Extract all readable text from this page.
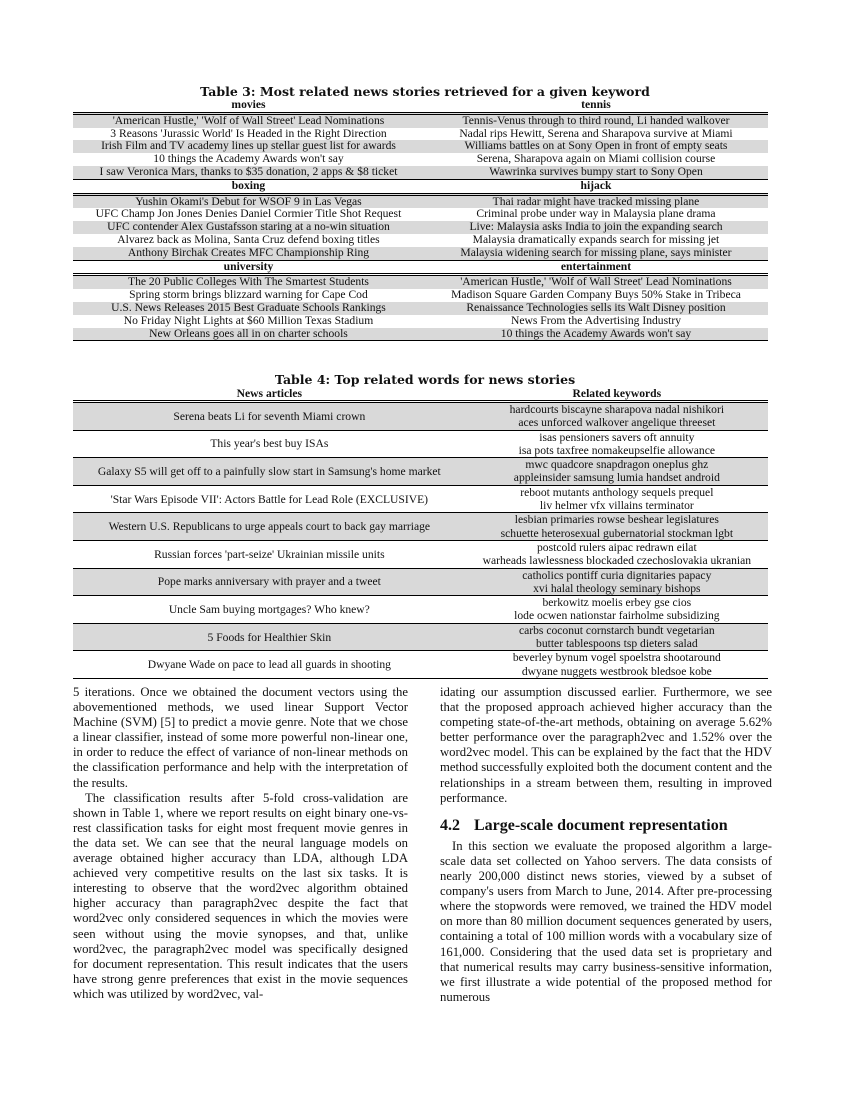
Table 3: Most related news stories retrieved for a given keyword
movies	tennis
'American Hustle,' 'Wolf of Wall Street' Lead Nominations	Tennis-Venus through to third round, Li handed walkover
3 Reasons 'Jurassic World' Is Headed in the Right Direction	Nadal rips Hewitt, Serena and Sharapova survive at Miami
Irish Film and TV academy lines up stellar guest list for awards	Williams battles on at Sony Open in front of empty seats
10 things the Academy Awards won't say	Serena, Sharapova again on Miami collision course
I saw Veronica Mars, thanks to $35 donation, 2 apps & $8 ticket	Wawrinka survives bumpy start to Sony Open
boxing	hijack
Yushin Okami's Debut for WSOF 9 in Las Vegas	Thai radar might have tracked missing plane
UFC Champ Jon Jones Denies Daniel Cormier Title Shot Request	Criminal probe under way in Malaysia plane drama
UFC contender Alex Gustafsson staring at a no-win situation	Live: Malaysia asks India to join the expanding search
Alvarez back as Molina, Santa Cruz defend boxing titles	Malaysia dramatically expands search for missing jet
Anthony Birchak Creates MFC Championship Ring	Malaysia widening search for missing plane, says minister
university	entertainment
The 20 Public Colleges With The Smartest Students	'American Hustle,' 'Wolf of Wall Street' Lead Nominations
Spring storm brings blizzard warning for Cape Cod	Madison Square Garden Company Buys 50% Stake in Tribeca
U.S. News Releases 2015 Best Graduate Schools Rankings	Renaissance Technologies sells its Walt Disney position
No Friday Night Lights at $60 Million Texas Stadium	News From the Advertising Industry
New Orleans goes all in on charter schools	10 things the Academy Awards won't say
Table 4: Top related words for news stories
News articles	Related keywords
Serena beats Li for seventh Miami crown	hardcourts biscayne sharapova nadal nishikori
aces unforced walkover angelique threeset

This year's best buy ISAs	isas pensioners savers oft annuity
isa pots taxfree nomakeupselfie allowance

Galaxy S5 will get off to a painfully slow start in Samsung's home market	mwc quadcore snapdragon oneplus ghz
appleinsider samsung lumia handset android

'Star Wars Episode VII': Actors Battle for Lead Role (EXCLUSIVE)	reboot mutants anthology sequels prequel
liv helmer vfx villains terminator

Western U.S. Republicans to urge appeals court to back gay marriage	lesbian primaries rowse beshear legislatures
schuette heterosexual gubernatorial stockman lgbt

Russian forces 'part-seize' Ukrainian missile units	postcold rulers aipac redrawn eilat
warheads lawlessness blockaded czechoslovakia ukranian

Pope marks anniversary with prayer and a tweet	catholics pontiff curia dignitaries papacy
xvi halal theology seminary bishops

Uncle Sam buying mortgages? Who knew?	berkowitz moelis erbey gse cios
lode ocwen nationstar fairholme subsidizing

5 Foods for Healthier Skin	carbs coconut cornstarch bundt vegetarian
butter tablespoons tsp dieters salad

Dwyane Wade on pace to lead all guards in shooting	beverley bynum vogel spoelstra shootaround
dwyane nuggets westbrook bledsoe kobe

5 iterations. Once we obtained the document vectors using the abovementioned methods, we used linear Support Vector Machine (SVM) [5] to predict a movie genre. Note that we chose a linear classifier, instead of some more powerful non-linear one, in order to reduce the effect of variance of non-linear methods on the classification performance and help with the interpretation of the results.

The classification results after 5-fold cross-validation are shown in Table 1, where we report results on eight binary one-vs-rest classification tasks for eight most frequent movie genres in the data set. We can see that the neural language models on average obtained higher accuracy than LDA, although LDA achieved very competitive results on the last six tasks. It is interesting to observe that the word2vec algorithm obtained higher accuracy than paragraph2vec despite the fact that word2vec only considered sequences in which the movies were seen without using the movie synopses, and that, unlike word2vec, the paragraph2vec model was specifically designed for document representation. This result indicates that the users have strong genre preferences that exist in the movie sequences which was utilized by word2vec, val-

idating our assumption discussed earlier. Furthermore, we see that the proposed approach achieved higher accuracy than the competing state-of-the-art methods, obtaining on average 5.62% better performance over the paragraph2vec and 1.52% over the word2vec model. This can be explained by the fact that the HDV method successfully exploited both the document content and the relationships in a stream between them, resulting in improved performance.

4.2 Large-scale document representation

In this section we evaluate the proposed algorithm a large-scale data set collected on Yahoo servers. The data consists of nearly 200,000 distinct news stories, viewed by a subset of company's users from March to June, 2014. After pre-processing where the stopwords were removed, we trained the HDV model on more than 80 million document sequences generated by users, containing a total of 100 million words with a vocabulary size of 161,000. Considering that the used data set is proprietary and that numerical results may carry business-sensitive information, we first illustrate a wide potential of the proposed method for numerous
